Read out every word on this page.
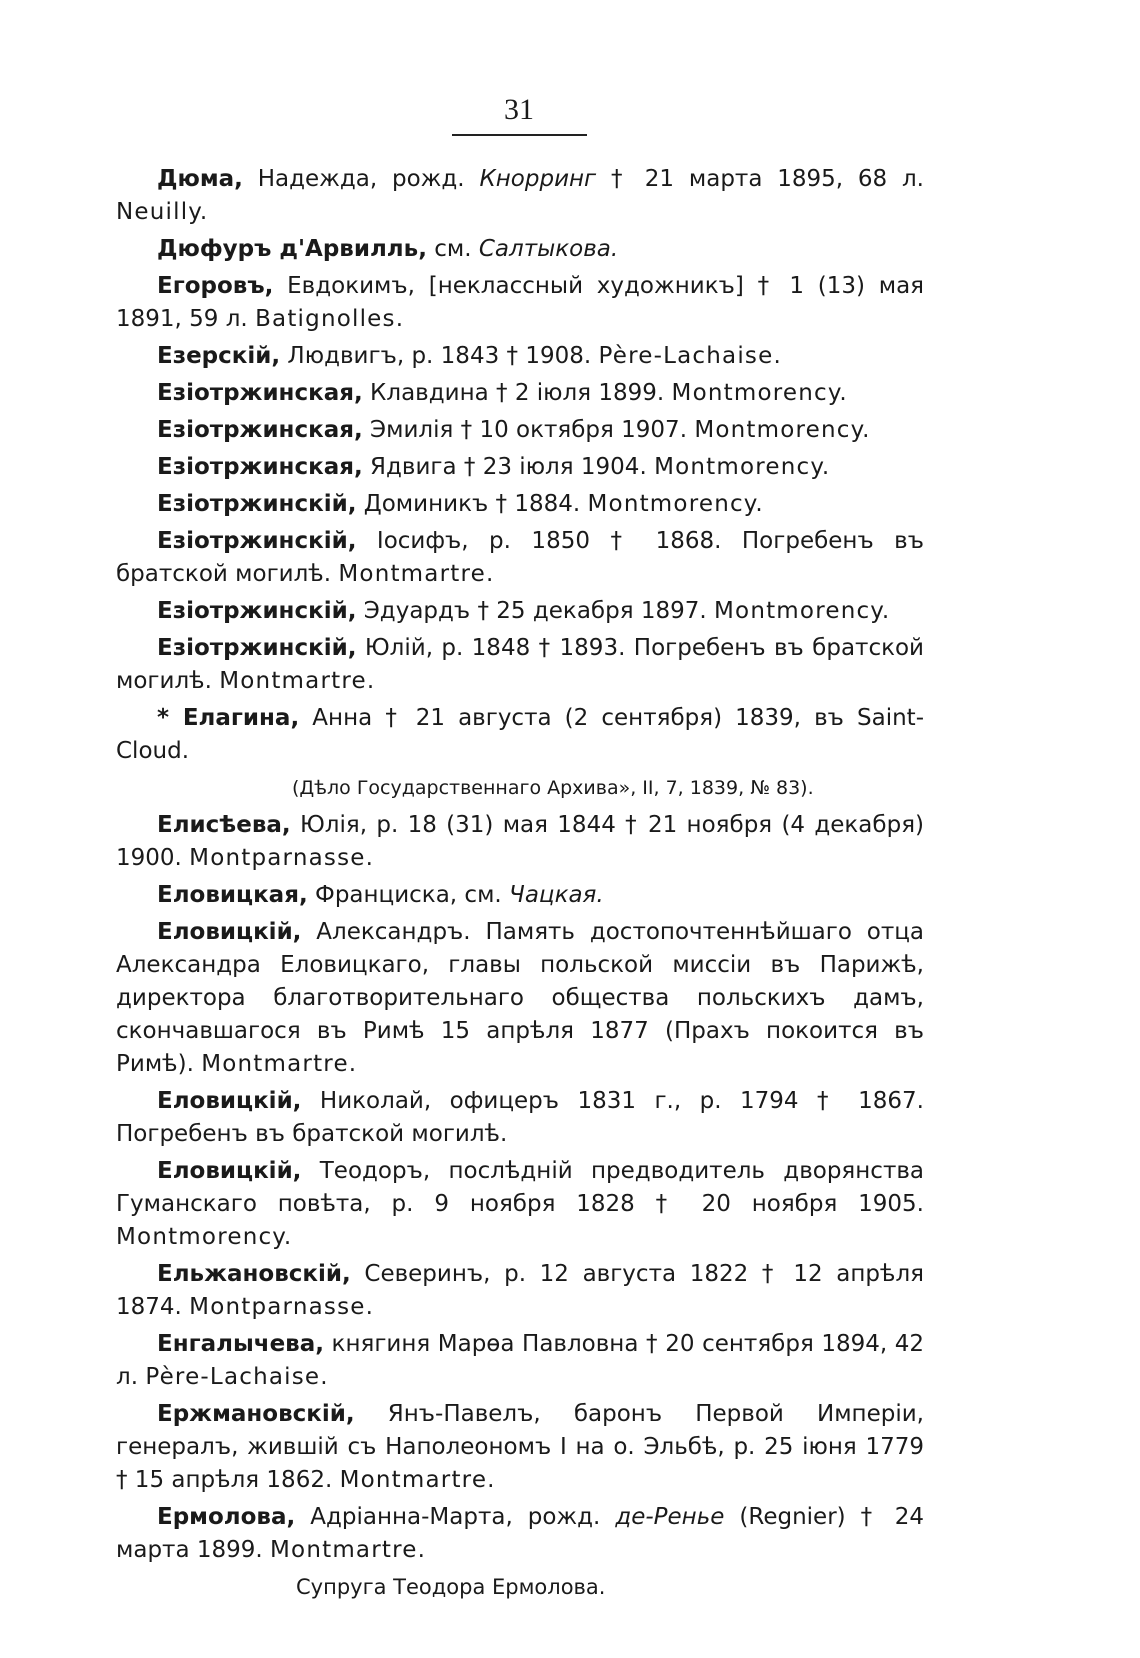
31

Дюма, Надежда, рожд. Кнорринг † 21 марта 1895, 68 л. Neuilly.

Дюфуръ д'Арвилль, см. Салтыкова.

Егоровъ, Евдокимъ, [неклассный художникъ] † 1 (13) мая 1891, 59 л. Batignolles.

Езерскій, Людвигъ, р. 1843 † 1908. Père-Lachaise.

Езіотржинская, Клавдина † 2 іюля 1899. Montmorency.

Езіотржинская, Эмилія † 10 октября 1907. Montmorency.

Езіотржинская, Ядвига † 23 іюля 1904. Montmorency.

Езіотржинскій, Доминикъ † 1884. Montmorency.

Езіотржинскій, Іосифъ, р. 1850 † 1868. Погребенъ въ братской могилѣ. Montmartre.

Езіотржинскій, Эдуардъ † 25 декабря 1897. Montmorency.

Езіотржинскій, Юлій, р. 1848 † 1893. Погребенъ въ братской могилѣ. Montmartre.

* Елагина, Анна † 21 августа (2 сентября) 1839, въ Saint-Cloud.

(Дѣло Государственнаго Архива», II, 7, 1839, № 83).

Елисѣева, Юлія, р. 18 (31) мая 1844 † 21 ноября (4 декабря) 1900. Montparnasse.

Еловицкая, Франциска, см. Чацкая.

Еловицкій, Александръ. Память достопочтеннѣйшаго отца Александра Еловицкаго, главы польской миссіи въ Парижѣ, директора благотворительнаго общества польскихъ дамъ, скончавшагося въ Римѣ 15 апрѣля 1877 (Прахъ покоится въ Римѣ). Montmartre.

Еловицкій, Николай, офицеръ 1831 г., р. 1794 † 1867. Погребенъ въ братской могилѣ.

Еловицкій, Теодоръ, послѣдній предводитель дворянства Гуманскаго повѣта, р. 9 ноября 1828 † 20 ноября 1905. Montmorency.

Ельжановскій, Северинъ, р. 12 августа 1822 † 12 апрѣля 1874. Montparnasse.

Енгалычева, княгиня Марѳа Павловна † 20 сентября 1894, 42 л. Père-Lachaise.

Ержмановскій, Янъ-Павелъ, баронъ Первой Имперіи, генералъ, жившій съ Наполеономъ I на о. Эльбѣ, р. 25 іюня 1779 † 15 апрѣля 1862. Montmartre.

Ермолова, Адріанна-Марта, рожд. де-Ренье (Regnier) † 24 марта 1899. Montmartre.

Супруга Теодора Ермолова.
